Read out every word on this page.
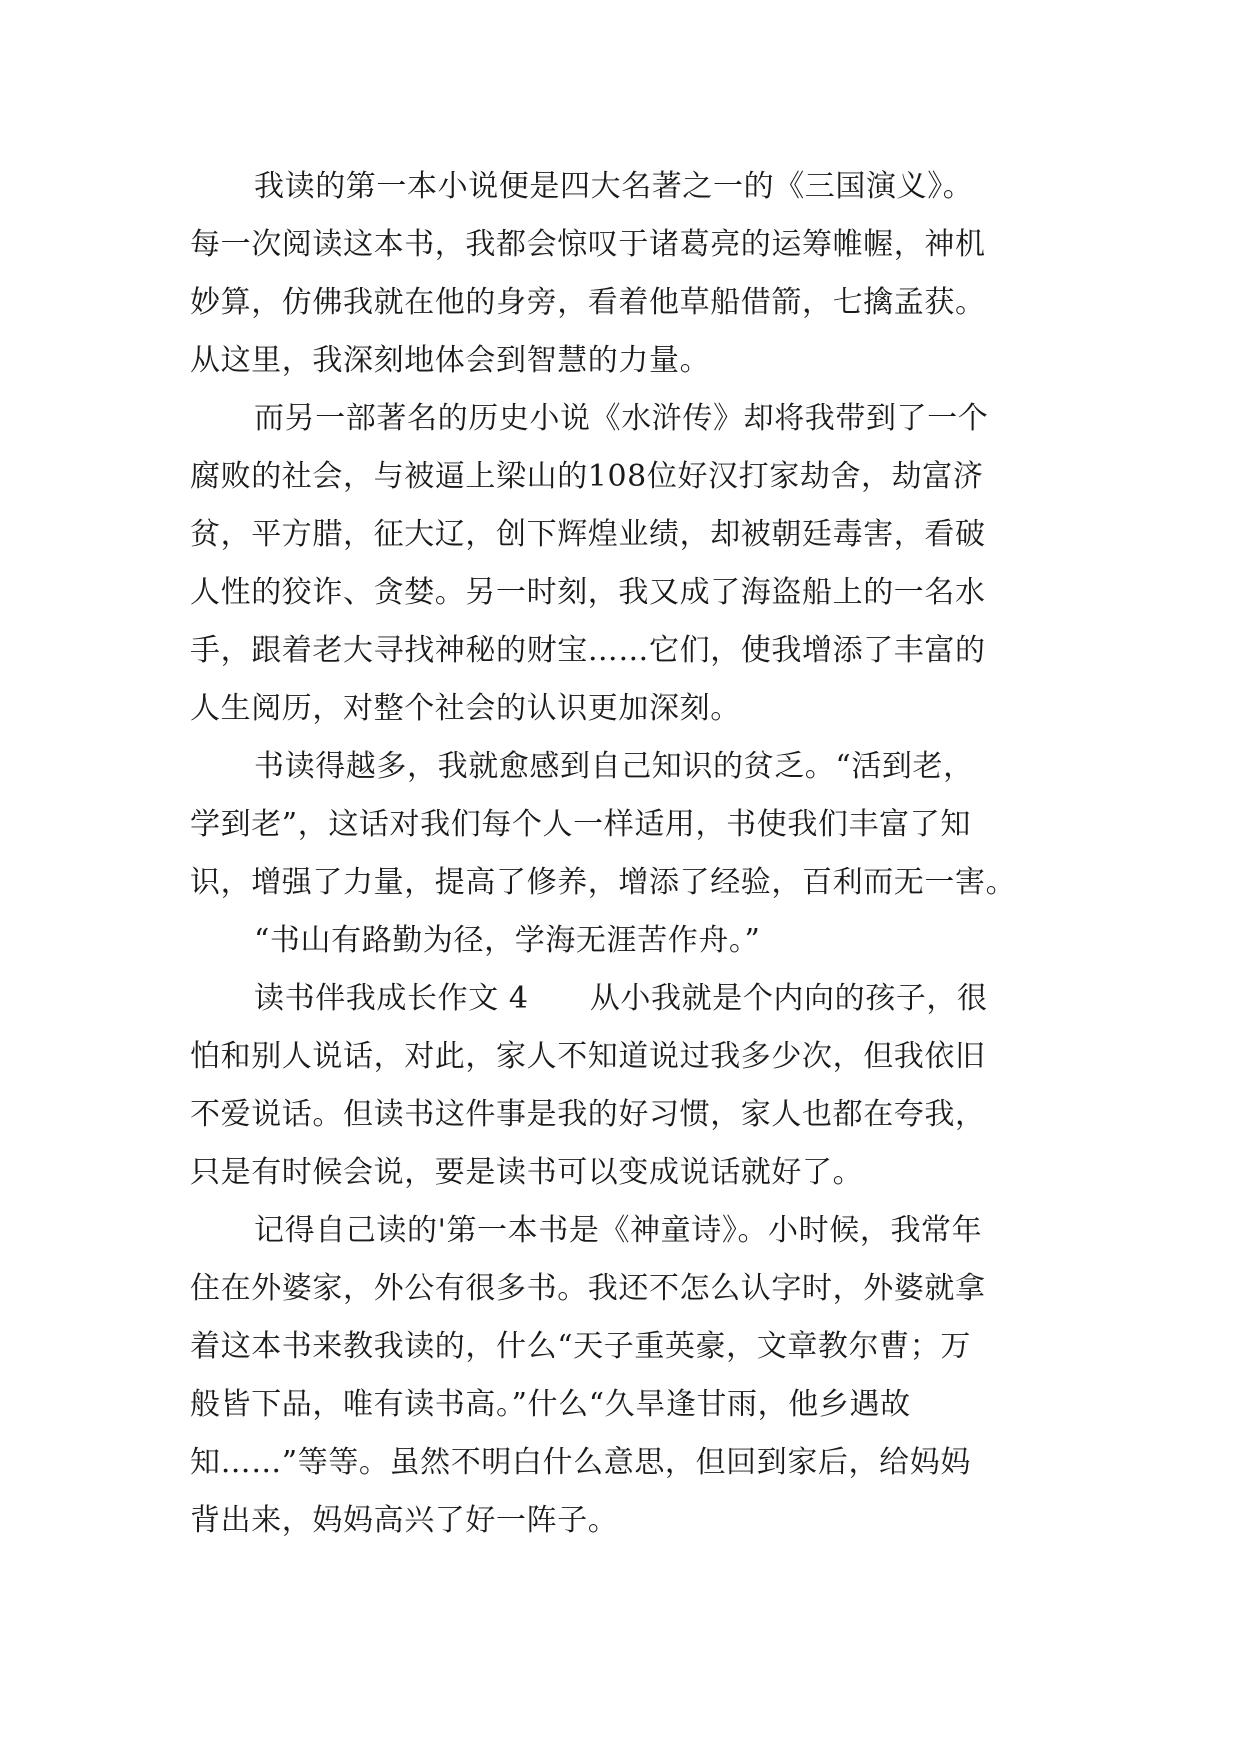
我读的第一本小说便是四大名著之一的《三国演义》。
每一次阅读这本书，我都会惊叹于诸葛亮的运筹帷幄，神机
妙算，仿佛我就在他的身旁，看着他草船借箭，七擒孟获。
从这里，我深刻地体会到智慧的力量。
而另一部著名的历史小说《水浒传》却将我带到了一个
腐败的社会，与被逼上梁山的108位好汉打家劫舍，劫富济
贫，平方腊，征大辽，创下辉煌业绩，却被朝廷毒害，看破
人性的狡诈、贪婪。另一时刻，我又成了海盗船上的一名水
手，跟着老大寻找神秘的财宝……它们，使我增添了丰富的
人生阅历，对整个社会的认识更加深刻。
书读得越多，我就愈感到自己知识的贫乏。“活到老，
学到老”，这话对我们每个人一样适用，书使我们丰富了知
识，增强了力量，提高了修养，增添了经验，百利而无一害。
“书山有路勤为径，学海无涯苦作舟。”
读书伴我成长作文 4　　从小我就是个内向的孩子，很
怕和别人说话，对此，家人不知道说过我多少次，但我依旧
不爱说话。但读书这件事是我的好习惯，家人也都在夸我，
只是有时候会说，要是读书可以变成说话就好了。
记得自己读的'第一本书是《神童诗》。小时候，我常年
住在外婆家，外公有很多书。我还不怎么认字时，外婆就拿
着这本书来教我读的，什么“天子重英豪，文章教尔曹；万
般皆下品，唯有读书高。”什么“久旱逢甘雨，他乡遇故
知……”等等。虽然不明白什么意思，但回到家后，给妈妈
背出来，妈妈高兴了好一阵子。
